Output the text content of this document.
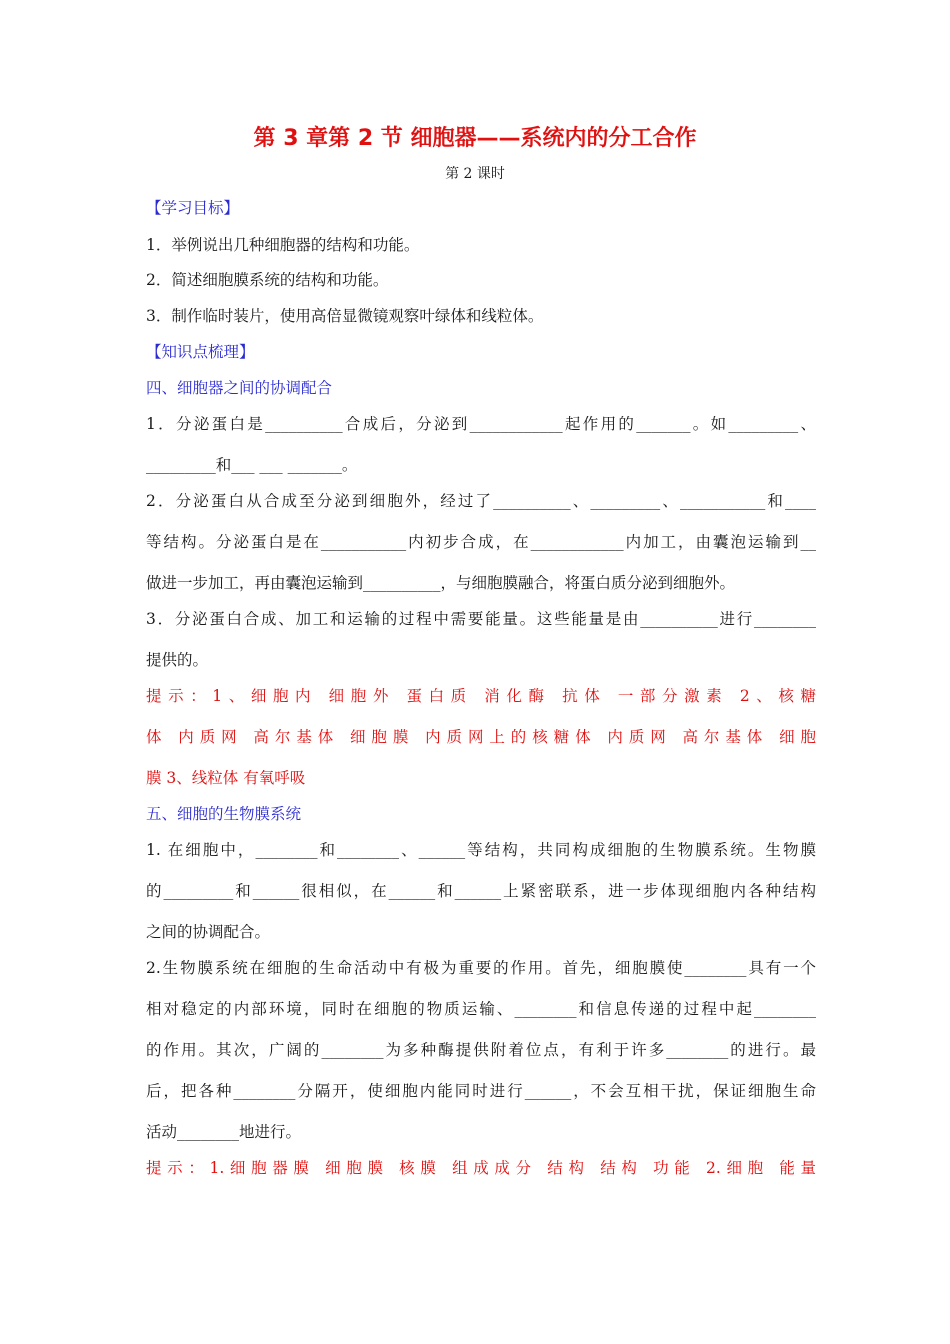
第 3 章第 2 节 细胞器——系统内的分工合作
第 2 课时
【学习目标】
1．举例说出几种细胞器的结构和功能。
2．简述细胞膜系统的结构和功能。
3．制作临时装片，使用高倍显微镜观察叶绿体和线粒体。
【知识点梳理】
四、细胞器之间的协调配合
1．分泌蛋白是__________合成后，分泌到____________起作用的_______。如_________、
_________和___ ___ _______。
2．分泌蛋白从合成至分泌到细胞外，经过了__________、_________、___________和____
等结构。分泌蛋白是在___________内初步合成，在____________内加工，由囊泡运输到__
做进一步加工，再由囊泡运输到__________，与细胞膜融合，将蛋白质分泌到细胞外。
3．分泌蛋白合成、加工和运输的过程中需要能量。这些能量是由__________进行________
提供的。
提示：1、细胞内 细胞外 蛋白质 消化酶 抗体 一部分激素 2、核糖
体 内质网 高尔基体 细胞膜 内质网上的核糖体 内质网 高尔基体 细胞
膜 3、线粒体 有氧呼吸
五、细胞的生物膜系统
1. 在细胞中，________和________、______等结构，共同构成细胞的生物膜系统。生物膜
的_________和______很相似，在______和______上紧密联系，进一步体现细胞内各种结构
之间的协调配合。
2.生物膜系统在细胞的生命活动中有极为重要的作用。首先，细胞膜使________具有一个
相对稳定的内部环境，同时在细胞的物质运输、________和信息传递的过程中起________
的作用。其次，广阔的________为多种酶提供附着位点，有利于许多________的进行。最
后，把各种________分隔开，使细胞内能同时进行______，不会互相干扰，保证细胞生命
活动________地进行。
提示：1.细胞器膜 细胞膜 核膜 组成成分 结构 结构 功能 2.细胞 能量
